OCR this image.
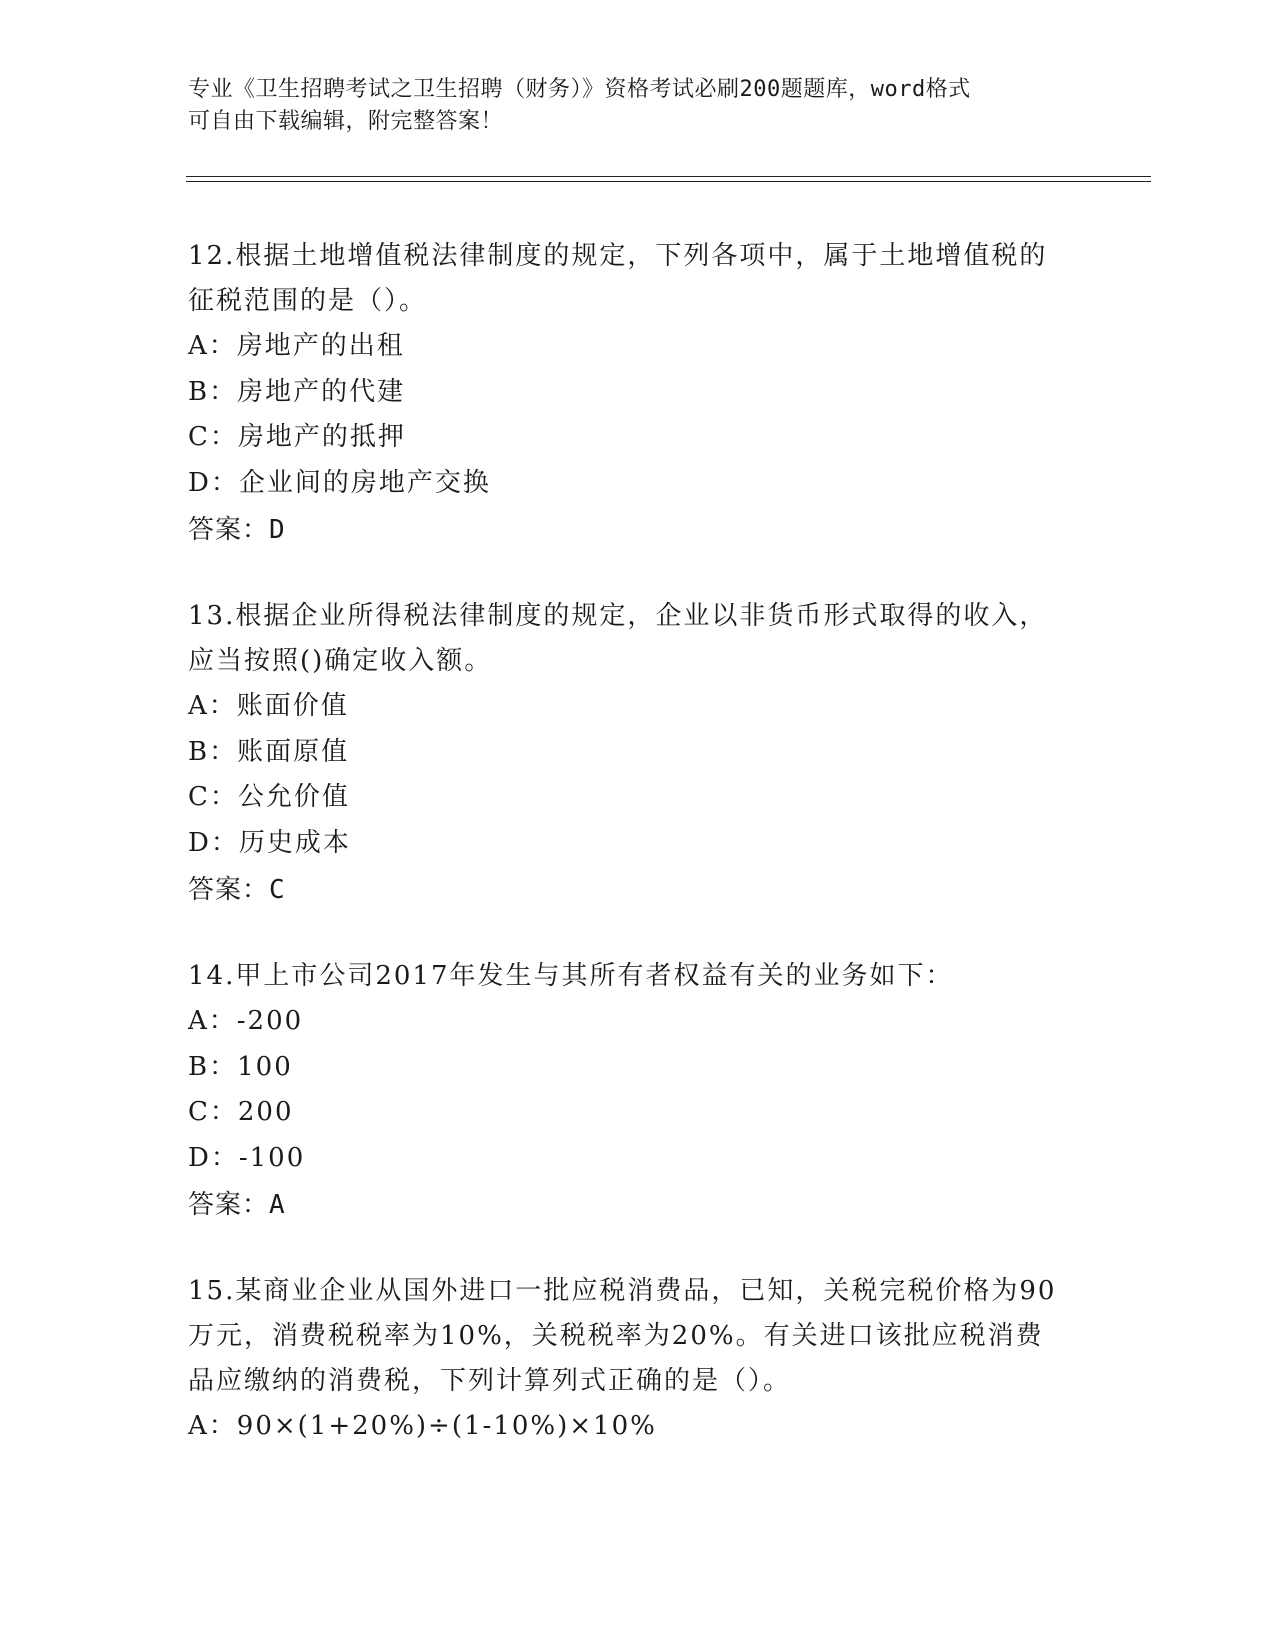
专业《卫生招聘考试之卫生招聘（财务）》资格考试必刷200题题库，word格式

可自由下载编辑，附完整答案！

12.根据土地增值税法律制度的规定，下列各项中，属于土地增值税的
征税范围的是（）。
A：房地产的出租
B：房地产的代建
C：房地产的抵押
D：企业间的房地产交换
答案：D
13.根据企业所得税法律制度的规定，企业以非货币形式取得的收入，
应当按照()确定收入额。
A：账面价值
B：账面原值
C：公允价值
D：历史成本
答案：C
14.甲上市公司2017年发生与其所有者权益有关的业务如下：
A：-200
B：100
C：200
D：-100
答案：A
15.某商业企业从国外进口一批应税消费品，已知，关税完税价格为90
万元，消费税税率为10%，关税税率为20%。有关进口该批应税消费
品应缴纳的消费税，下列计算列式正确的是（）。
A：90×(1+20%)÷(1-10%)×10%
